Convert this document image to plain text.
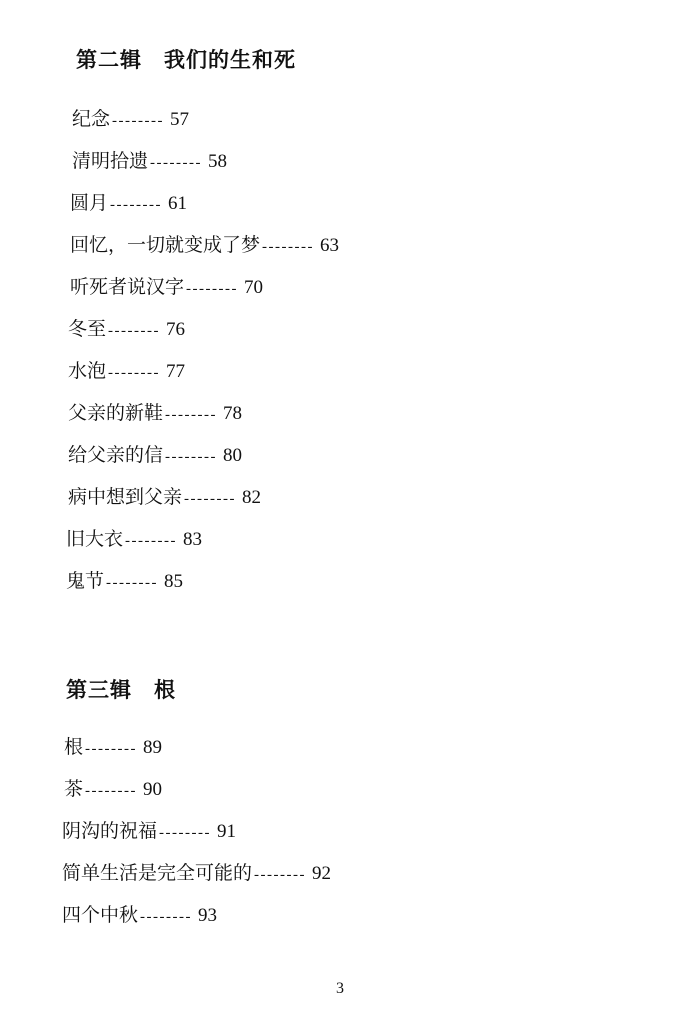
第二辑　我们的生和死
纪念 -------- 57
清明拾遗 -------- 58
圆月 -------- 61
回忆，一切就变成了梦 -------- 63
听死者说汉字 -------- 70
冬至 -------- 76
水泡 -------- 77
父亲的新鞋 -------- 78
给父亲的信 -------- 80
病中想到父亲 -------- 82
旧大衣 -------- 83
鬼节 -------- 85
第三辑　根
根 -------- 89
茶 -------- 90
阴沟的祝福 -------- 91
简单生活是完全可能的 -------- 92
四个中秋 -------- 93
3
